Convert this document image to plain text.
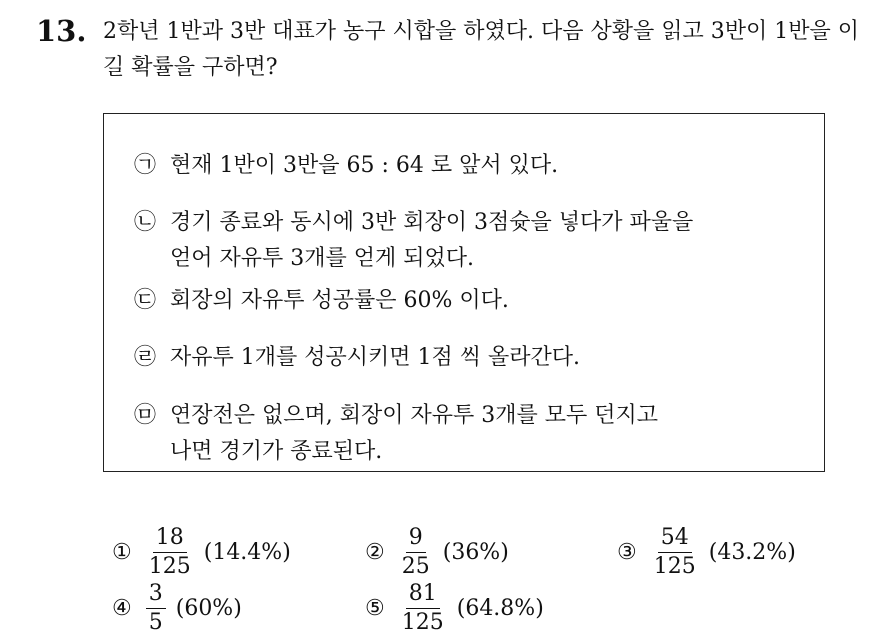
13. 2학년 1반과 3반 대표가 농구 시합을 하였다. 다음 상황을 읽고 3반이 1반을 이길 확률을 구하면?
㉠ 현재 1반이 3반을 65 : 64 로 앞서 있다.
㉡ 경기 종료와 동시에 3반 회장이 3점슛을 넣다가 파울을
얻어 자유투 3개를 얻게 되었다.
㉢ 회장의 자유투 성공률은 60% 이다.
㉣ 자유투 1개를 성공시키면 1점 씩 올라간다.
㉤ 연장전은 없으며, 회장이 자유투 3개를 모두 던지고
나면 경기가 종료된다.
① $\frac{18}{125} (14.4\%)$	② $\frac{9}{25} (36\%)$	③ $\frac{54}{125} (43.2\%)$
④ $\frac{3}{5} (60\%)$	⑤ $\frac{81}{125} (64.8\%)$
